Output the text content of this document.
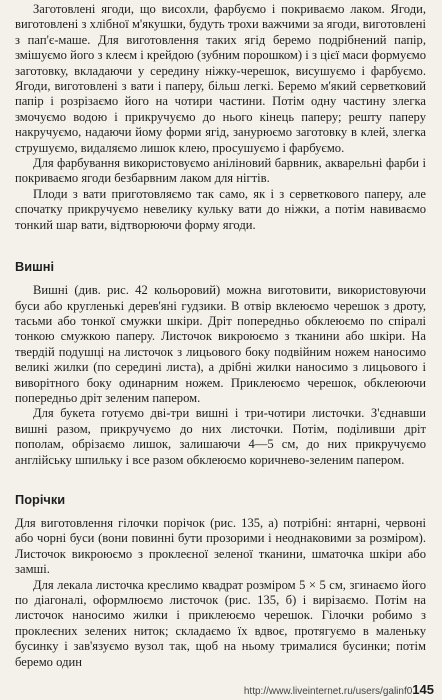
Заготовлені ягоди, що висохли, фарбуємо і покриваємо лаком. Ягоди, виготовлені з хлібної м'якушки, будуть трохи важчими за ягоди, виготовлені з пап'є-маше. Для виготовлення таких ягід беремо подрібнений папір, змішуємо його з клеєм і крейдою (зубним порошком) і з цієї маси формуємо заготовку, вкладаючи у середину ніжку-черешок, висушуємо і фарбуємо. Ягоди, виготовлені з вати і паперу, більш легкі. Беремо м'який серветковий папір і розрізаємо його на чотири частини. Потім одну частину злегка змочуємо водою і прикручуємо до нього кінець паперу; решту паперу накручуємо, надаючи йому форми ягід, занурюємо заготовку в клей, злегка струшуємо, видаляємо лишок клею, просушуємо і фарбуємо.

Для фарбування використовуємо аніліновий барвник, акварельні фарби і покриваємо ягоди безбарвним лаком для нігтів.

Плоди з вати приготовляємо так само, як і з серветкового паперу, але спочатку прикручуємо невелику кульку вати до ніжки, а потім навиваємо тонкий шар вати, відтворюючи форму ягоди.

Вишні

Вишні (див. рис. 42 кольоровий) можна виготовити, використовуючи буси або кругленькі дерев'яні гудзики. В отвір вклеюємо черешок з дроту, тасьми або тонкої смужки шкіри. Дріт попередньо обклеюємо по спіралі тонкою смужкою паперу. Листочок викроюємо з тканини або шкіри. На твердій подушці на листочок з лицьового боку подвійним ножем наносимо великі жилки (по середині листа), а дрібні жилки наносимо з лицьового і виворітного боку одинарним ножем. Приклеюємо черешок, обклеюючи попередньо дріт зеленим папером.

Для букета готуємо дві-три вишні і три-чотири листочки. З'єднавши вишні разом, прикручуємо до них листочки. Потім, поділивши дріт пополам, обрізаємо лишок, залишаючи 4—5 см, до них прикручуємо англійську шпильку і все разом обклеюємо коричнево-зеленим папером.

Порічки

Для виготовлення гілочки порічок (рис. 135, а) потрібні: янтарні, червоні або чорні буси (вони повинні бути прозорими і неоднаковими за розміром). Листочок викроюємо з проклеєної зеленої тканини, шматочка шкіри або замші.

Для лекала листочка креслимо квадрат розміром 5 × 5 см, згинаємо його по діагоналі, оформлюємо листочок (рис. 135, б) і вирізаємо. Потім на листочок наносимо жилки і приклеюємо черешок. Гілочки робимо з проклеєних зелених ниток; складаємо їх вдвоє, протягуємо в маленьку бусинку і зав'язуємо вузол так, щоб на ньому трималися бусинки; потім беремо один

http://www.liveinternet.ru/users/galinf0145
